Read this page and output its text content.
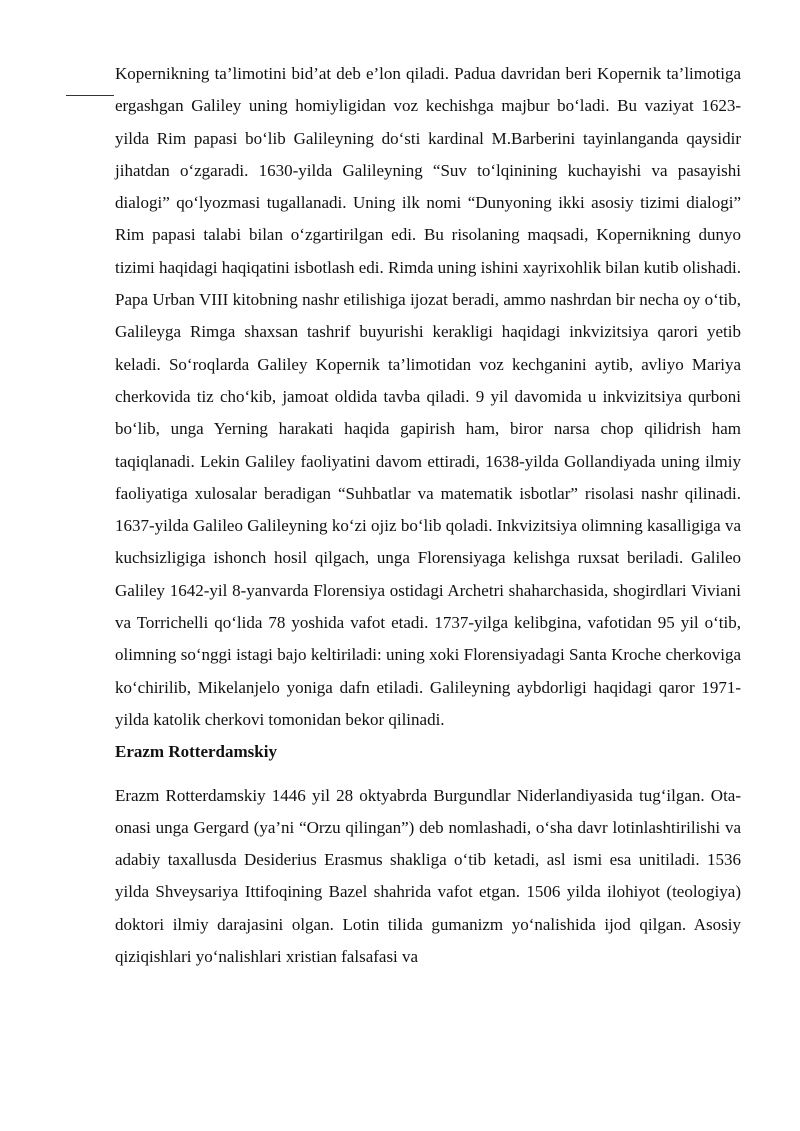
Kopernikning ta’limotini bid’at deb e’lon qiladi. Padua davridan beri Kopernik ta’limotiga ergashgan Galiley uning homiyligidan voz kechishga majbur bo‘ladi. Bu vaziyat 1623-yilda Rim papasi bo‘lib Galileyning do‘sti kardinal M.Barberini tayinlanganda qaysidir jihatdan o‘zgaradi. 1630-yilda Galileyning “Suv to‘lqinining kuchayishi va pasayishi dialogi” qo‘lyozmasi tugallanadi. Uning ilk nomi “Dunyoning ikki asosiy tizimi dialogi” Rim papasi talabi bilan o‘zgartirilgan edi. Bu risolaning maqsadi, Kopernikning dunyo tizimi haqidagi haqiqatini isbotlash edi. Rimda uning ishini xayrixohlik bilan kutib olishadi. Papa Urban VIII kitobning nashr etilishiga ijozat beradi, ammo nashrdan bir necha oy o‘tib, Galileyga Rimga shaxsan tashrif buyurishi kerakligi haqidagi inkvizitsiya qarori yetib keladi. So‘roqlarda Galiley Kopernik ta’limotidan voz kechganini aytib, avliyo Mariya cherkovida tiz cho‘kib, jamoat oldida tavba qiladi. 9 yil davomida u inkvizitsiya qurboni bo‘lib, unga Yerning harakati haqida gapirish ham, biror narsa chop qilidrish ham taqiqlanadi. Lekin Galiley faoliyatini davom ettiradi, 1638-yilda Gollandiyada uning ilmiy faoliyatiga xulosalar beradigan “Suhbatlar va matematik isbotlar” risolasi nashr qilinadi. 1637-yilda Galileo Galileyning ko‘zi ojiz bo‘lib qoladi. Inkvizitsiya olimning kasalligiga va kuchsizligiga ishonch hosil qilgach, unga Florensiyaga kelishga ruxsat beriladi. Galileo Galiley 1642-yil 8-yanvarda Florensiya ostidagi Archetri shaharchasida, shogirdlari Viviani va Torrichelli qo‘lida 78 yoshida vafot etadi. 1737-yilga kelibgina, vafotidan 95 yil o‘tib, olimning so‘nggi istagi bajo keltiriladi: uning xoki Florensiyadagi Santa Kroche cherkoviga ko‘chirilib, Mikelanjelo yoniga dafn etiladi. Galileyning aybdorligi haqidagi qaror 1971-yilda katolik cherkovi tomonidan bekor qilinadi.

Erazm Rotterdamskiy

Erazm Rotterdamskiy 1446 yil 28 oktyabrda Burgundlar Niderlandiyasida tug‘ilgan. Ota-onasi unga Gergard (ya’ni “Orzu qilingan”) deb nomlashadi, o‘sha davr lotinlashtirilishi va adabiy taxallusda Desiderius Erasmus shakliga o‘tib ketadi, asl ismi esa unitiladi. 1536 yilda Shveysariya Ittifoqining Bazel shahrida vafot etgan. 1506 yilda ilohiyot (teologiya) doktori ilmiy darajasini olgan. Lotin tilida gumanizm yo‘nalishida ijod qilgan. Asosiy qiziqishlari yo‘nalishlari xristian falsafasi va
